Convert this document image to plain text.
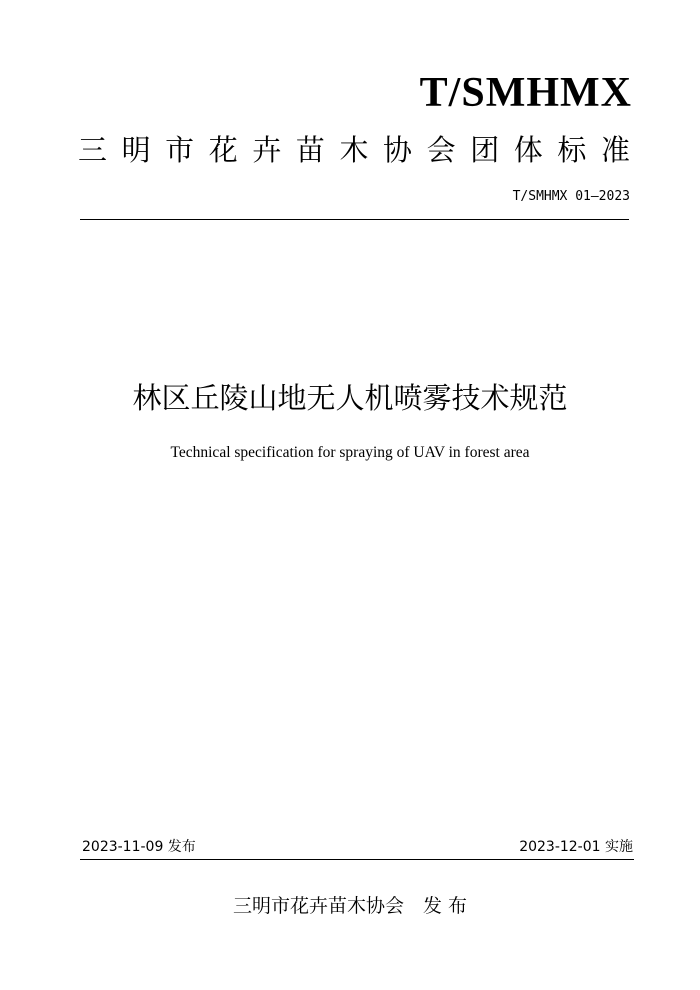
T/SMHMX
三 明 市 花 卉 苗 木 协 会 团 体 标 准
T/SMHMX 01—2023
林区丘陵山地无人机喷雾技术规范
Technical specification for spraying of UAV in forest area
2023-11-09 发布	2023-12-01 实施
三明市花卉苗木协会　发 布
